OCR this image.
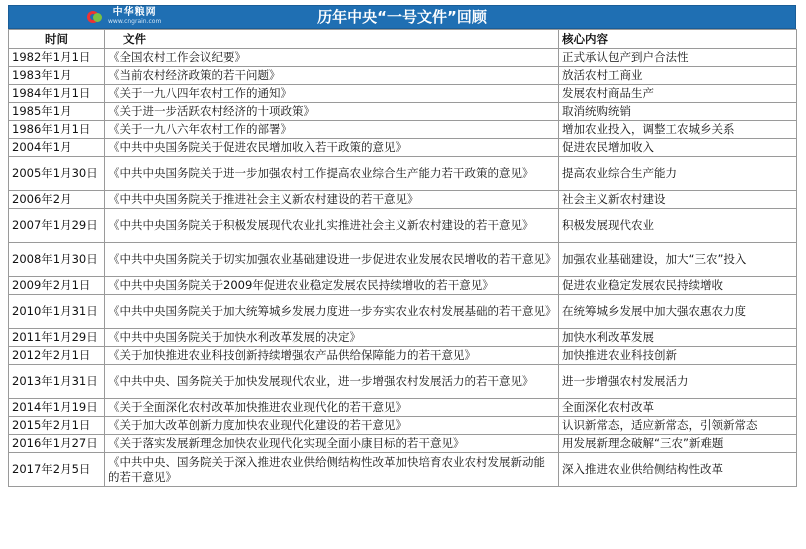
中华粮网
www.cngrain.com	历年中央“一号文件”回顾
时间	文件	核心内容
1982年1月1日	《全国农村工作会议纪要》	正式承认包产到户合法性
1983年1月	《当前农村经济政策的若干问题》	放活农村工商业
1984年1月1日	《关于一九八四年农村工作的通知》	发展农村商品生产
1985年1月	《关于进一步活跃农村经济的十项政策》	取消统购统销
1986年1月1日	《关于一九八六年农村工作的部署》	增加农业投入，调整工农城乡关系
2004年1月	《中共中央国务院关于促进农民增加收入若干政策的意见》	促进农民增加收入
2005年1月30日	《中共中央国务院关于进一步加强农村工作提高农业综合生产能力若干政策的意见》	提高农业综合生产能力
2006年2月	《中共中央国务院关于推进社会主义新农村建设的若干意见》	社会主义新农村建设
2007年1月29日	《中共中央国务院关于积极发展现代农业扎实推进社会主义新农村建设的若干意见》	积极发展现代农业
2008年1月30日	《中共中央国务院关于切实加强农业基础建设进一步促进农业发展农民增收的若干意见》	加强农业基础建设，加大“三农”投入
2009年2月1日	《中共中央国务院关于2009年促进农业稳定发展农民持续增收的若干意见》	促进农业稳定发展农民持续增收
2010年1月31日	《中共中央国务院关于加大统筹城乡发展力度进一步夯实农业农村发展基础的若干意见》	在统筹城乡发展中加大强农惠农力度
2011年1月29日	《中共中央国务院关于加快水利改革发展的决定》	加快水利改革发展
2012年2月1日	《关于加快推进农业科技创新持续增强农产品供给保障能力的若干意见》	加快推进农业科技创新
2013年1月31日	《中共中央、国务院关于加快发展现代农业，进一步增强农村发展活力的若干意见》	进一步增强农村发展活力
2014年1月19日	《关于全面深化农村改革加快推进农业现代化的若干意见》	全面深化农村改革
2015年2月1日	《关于加大改革创新力度加快农业现代化建设的若干意见》	认识新常态，适应新常态，引领新常态
2016年1月27日	《关于落实发展新理念加快农业现代化实现全面小康目标的若干意见》	用发展新理念破解“三农”新难题
2017年2月5日	《中共中央、国务院关于深入推进农业供给侧结构性改革加快培育农业农村发展新动能的若干意见》	深入推进农业供给侧结构性改革
